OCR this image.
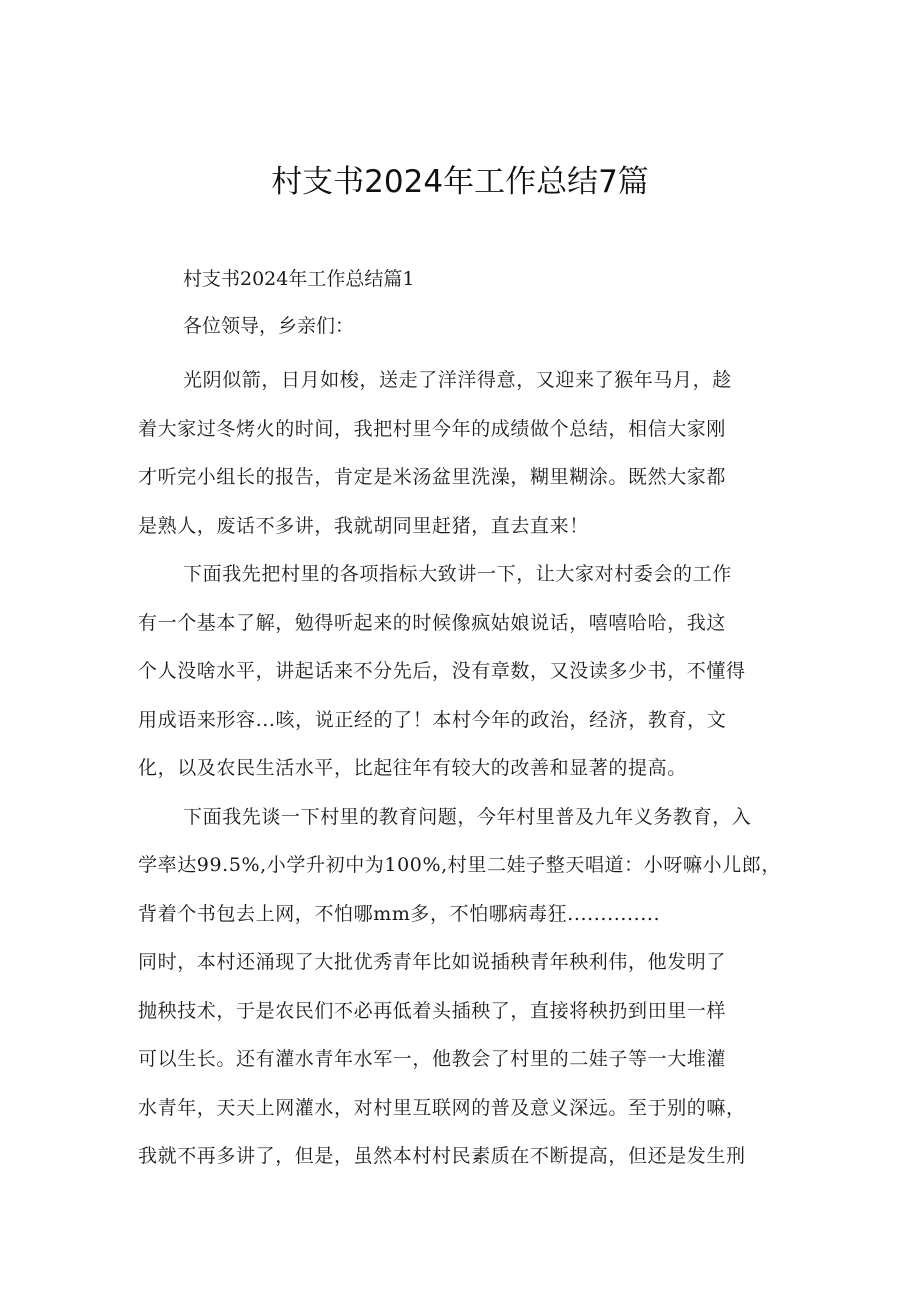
村支书2024年工作总结7篇
村支书2024年工作总结篇1
各位领导，乡亲们：
光阴似箭，日月如梭，送走了洋洋得意，又迎来了猴年马月，趁
着大家过冬烤火的时间，我把村里今年的成绩做个总结，相信大家刚
才听完小组长的报告，肯定是米汤盆里洗澡，糊里糊涂。既然大家都
是熟人，废话不多讲，我就胡同里赶猪，直去直来！
下面我先把村里的各项指标大致讲一下，让大家对村委会的工作
有一个基本了解，勉得听起来的时候像疯姑娘说话，嘻嘻哈哈，我这
个人没啥水平，讲起话来不分先后，没有章数，又没读多少书，不懂得
用成语来形容...咳，说正经的了！本村今年的政治，经济，教育，文
化，以及农民生活水平，比起往年有较大的改善和显著的提高。
下面我先谈一下村里的教育问题，今年村里普及九年义务教育，入
学率达99.5%,小学升初中为100%,村里二娃子整天唱道：小呀嘛小儿郎，
背着个书包去上网，不怕哪mm多，不怕哪病毒狂..............
同时，本村还涌现了大批优秀青年比如说插秧青年秧利伟，他发明了
抛秧技术，于是农民们不必再低着头插秧了，直接将秧扔到田里一样
可以生长。还有灌水青年水军一，他教会了村里的二娃子等一大堆灌
水青年，天天上网灌水，对村里互联网的普及意义深远。至于别的嘛，
我就不再多讲了，但是，虽然本村村民素质在不断提高，但还是发生刑
